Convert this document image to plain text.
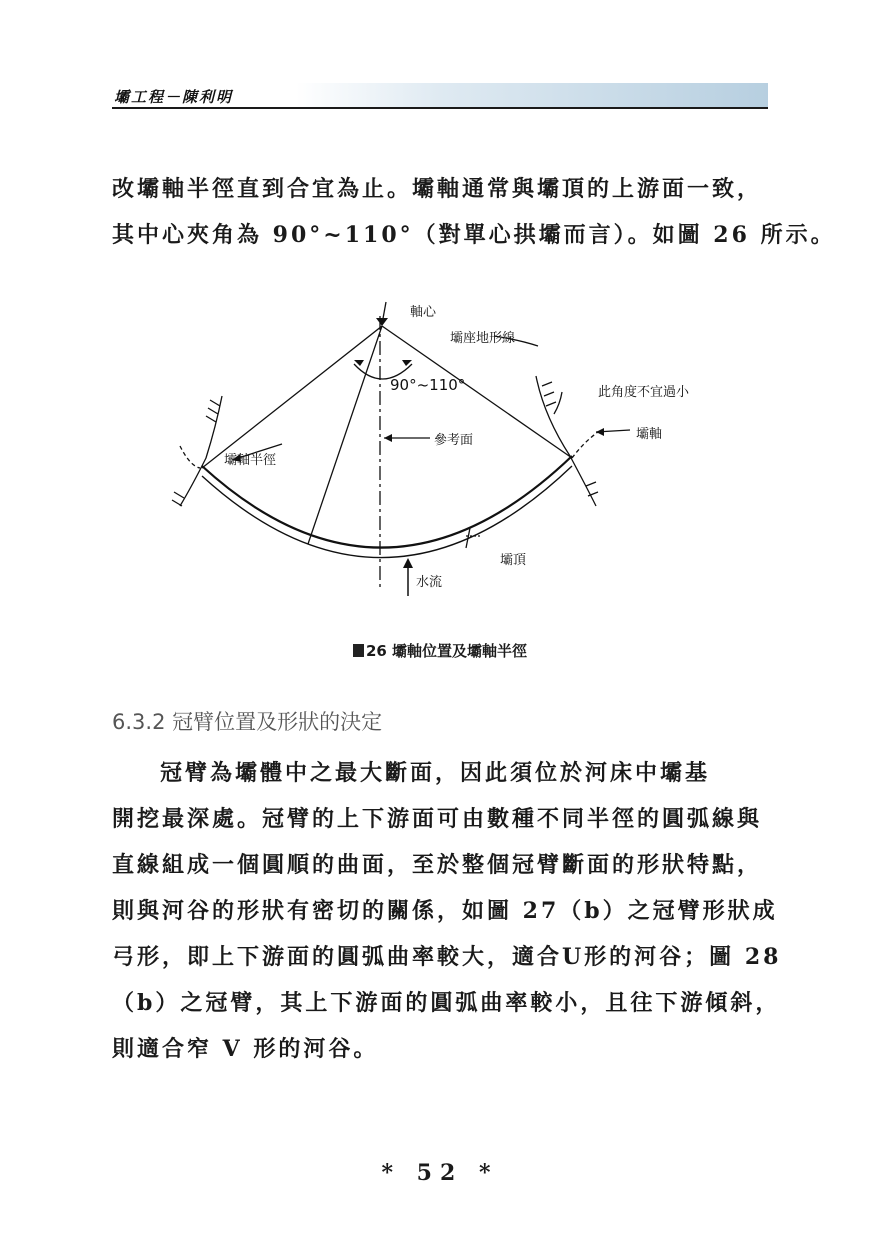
壩工程－陳利明
改壩軸半徑直到合宜為止。壩軸通常與壩頂的上游面一致，
其中心夾角為 90°~110°（對單心拱壩而言）。如圖 26 所示。
軸心
壩座地形線
90°~110°	此角度不宜過小
壩軸半徑
參考面	壩軸
壩頂
水流
26 壩軸位置及壩軸半徑
6.3.2 冠臂位置及形狀的決定
冠臂為壩體中之最大斷面，因此須位於河床中壩基
開挖最深處。冠臂的上下游面可由數種不同半徑的圓弧線與
直線組成一個圓順的曲面，至於整個冠臂斷面的形狀特點，
則與河谷的形狀有密切的關係，如圖 27（b）之冠臂形狀成
弓形，即上下游面的圓弧曲率較大，適合U形的河谷；圖 28
（b）之冠臂，其上下游面的圓弧曲率較小，且往下游傾斜，
則適合窄 V 形的河谷。
* 52 *
